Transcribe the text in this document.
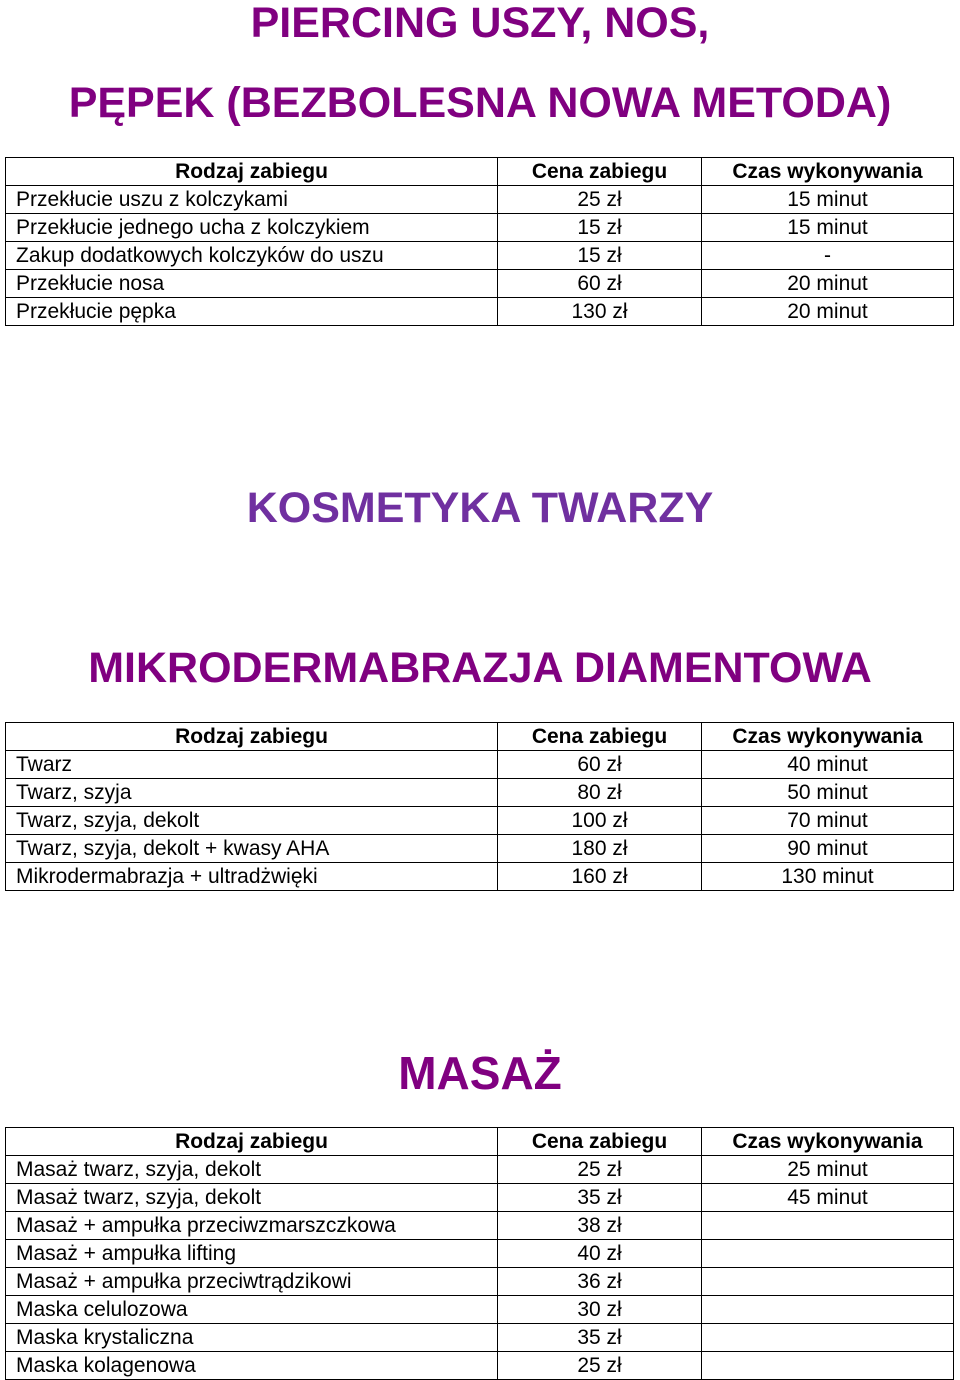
PIERCING USZY, NOS,
PĘPEK (BEZBOLESNA NOWA METODA)
Rodzaj zabiegu	Cena zabiegu	Czas wykonywania
Przekłucie uszu z kolczykami	25 zł	15 minut
Przekłucie jednego ucha z kolczykiem	15 zł	15 minut
Zakup dodatkowych kolczyków do uszu	15 zł	-
Przekłucie nosa	60 zł	20 minut
Przekłucie pępka	130 zł	20 minut
KOSMETYKA TWARZY
MIKRODERMABRAZJA DIAMENTOWA
Rodzaj zabiegu	Cena zabiegu	Czas wykonywania
Twarz	60 zł	40 minut
Twarz, szyja	80 zł	50 minut
Twarz, szyja, dekolt	100 zł	70 minut
Twarz, szyja, dekolt + kwasy AHA	180 zł	90 minut
Mikrodermabrazja + ultradżwięki	160 zł	130 minut
MASAŻ
Rodzaj zabiegu	Cena zabiegu	Czas wykonywania
Masaż twarz, szyja, dekolt	25 zł	25 minut
Masaż twarz, szyja, dekolt	35 zł	45 minut
Masaż + ampułka przeciwzmarszczkowa	38 zł	
Masaż + ampułka lifting	40 zł	
Masaż + ampułka przeciwtrądzikowi	36 zł	
Maska celulozowa	30 zł	
Maska krystaliczna	35 zł	
Maska kolagenowa	25 zł	
